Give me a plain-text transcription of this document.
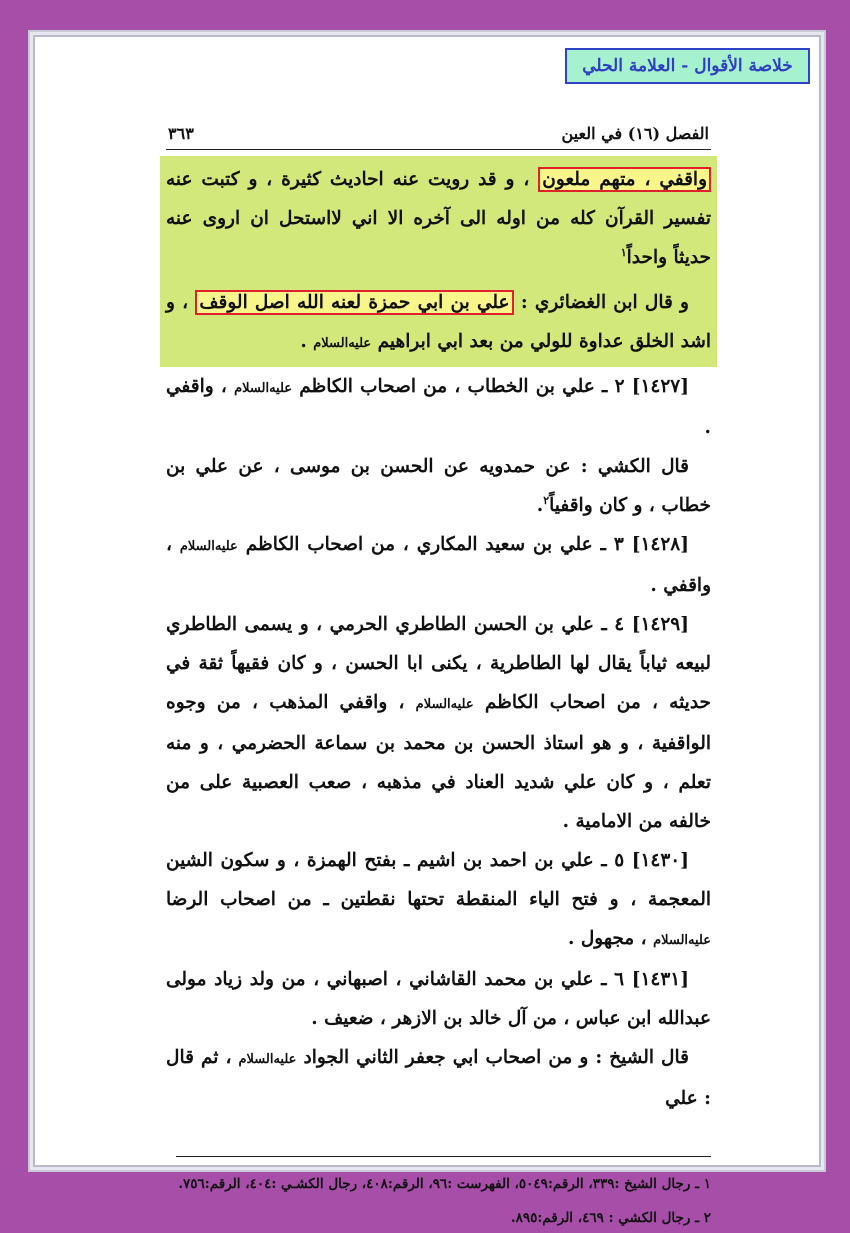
خلاصة الأقوال - العلامة الحلي
الفصل (١٦) في العين
٣٦٣

واقفي ، متهم ملعون ، و قد رويت عنه احاديث كثيرة ، و كتبت عنه تفسير القرآن كله من اوله الى آخره الا اني لااستحل ان اروى عنه حديثاً واحداً$^١$

و قال ابن الغضائري : علي بن ابي حمزة لعنه الله اصل الوقف ، و اشد الخلق عداوة للولي من بعد ابي ابراهيم عليه‌السلام .

[١٤٢٧] ٢ ـ علي بن الخطاب ، من اصحاب الكاظم عليه‌السلام ، واقفي .

قال الكشي : عن حمدويه عن الحسن بن موسى ، عن علي بن خطاب ، و كان واقفياً$^٢$.

[١٤٢٨] ٣ ـ علي بن سعيد المكاري ، من اصحاب الكاظم عليه‌السلام ، واقفي .

[١٤٢٩] ٤ ـ علي بن الحسن الطاطري الحرمي ، و يسمى الطاطري لبيعه ثياباً يقال لها الطاطرية ، يكنى ابا الحسن ، و كان فقيهاً ثقة في حديثه ، من اصحاب الكاظم عليه‌السلام ، واقفي المذهب ، من وجوه الواقفية ، و هو استاذ الحسن بن محمد بن سماعة الحضرمي ، و منه تعلم ، و كان علي شديد العناد في مذهبه ، صعب العصبية على من خالفه من الامامية .

[١٤٣٠] ٥ ـ علي بن احمد بن اشيم ـ بفتح الهمزة ، و سكون الشين المعجمة ، و فتح الياء المنقطة تحتها نقطتين ـ من اصحاب الرضا عليه‌السلام ، مجهول .

[١٤٣١] ٦ ـ علي بن محمد القاشاني ، اصبهاني ، من ولد زياد مولى عبدالله ابن عباس ، من آل خالد بن الازهر ، ضعيف .

قال الشيخ : و من اصحاب ابي جعفر الثاني الجواد عليه‌السلام ، ثم قال : علي

١ ـ رجال الشيخ :٣٣٩، الرقم:٥٠٤٩، الفهرست :٩٦، الرقم:٤٠٨، رجال الكشـي :٤٠٤، الرقم:٧٥٦.

٢ ـ رجال الكشي : ٤٦٩، الرقم:٨٩٥.
